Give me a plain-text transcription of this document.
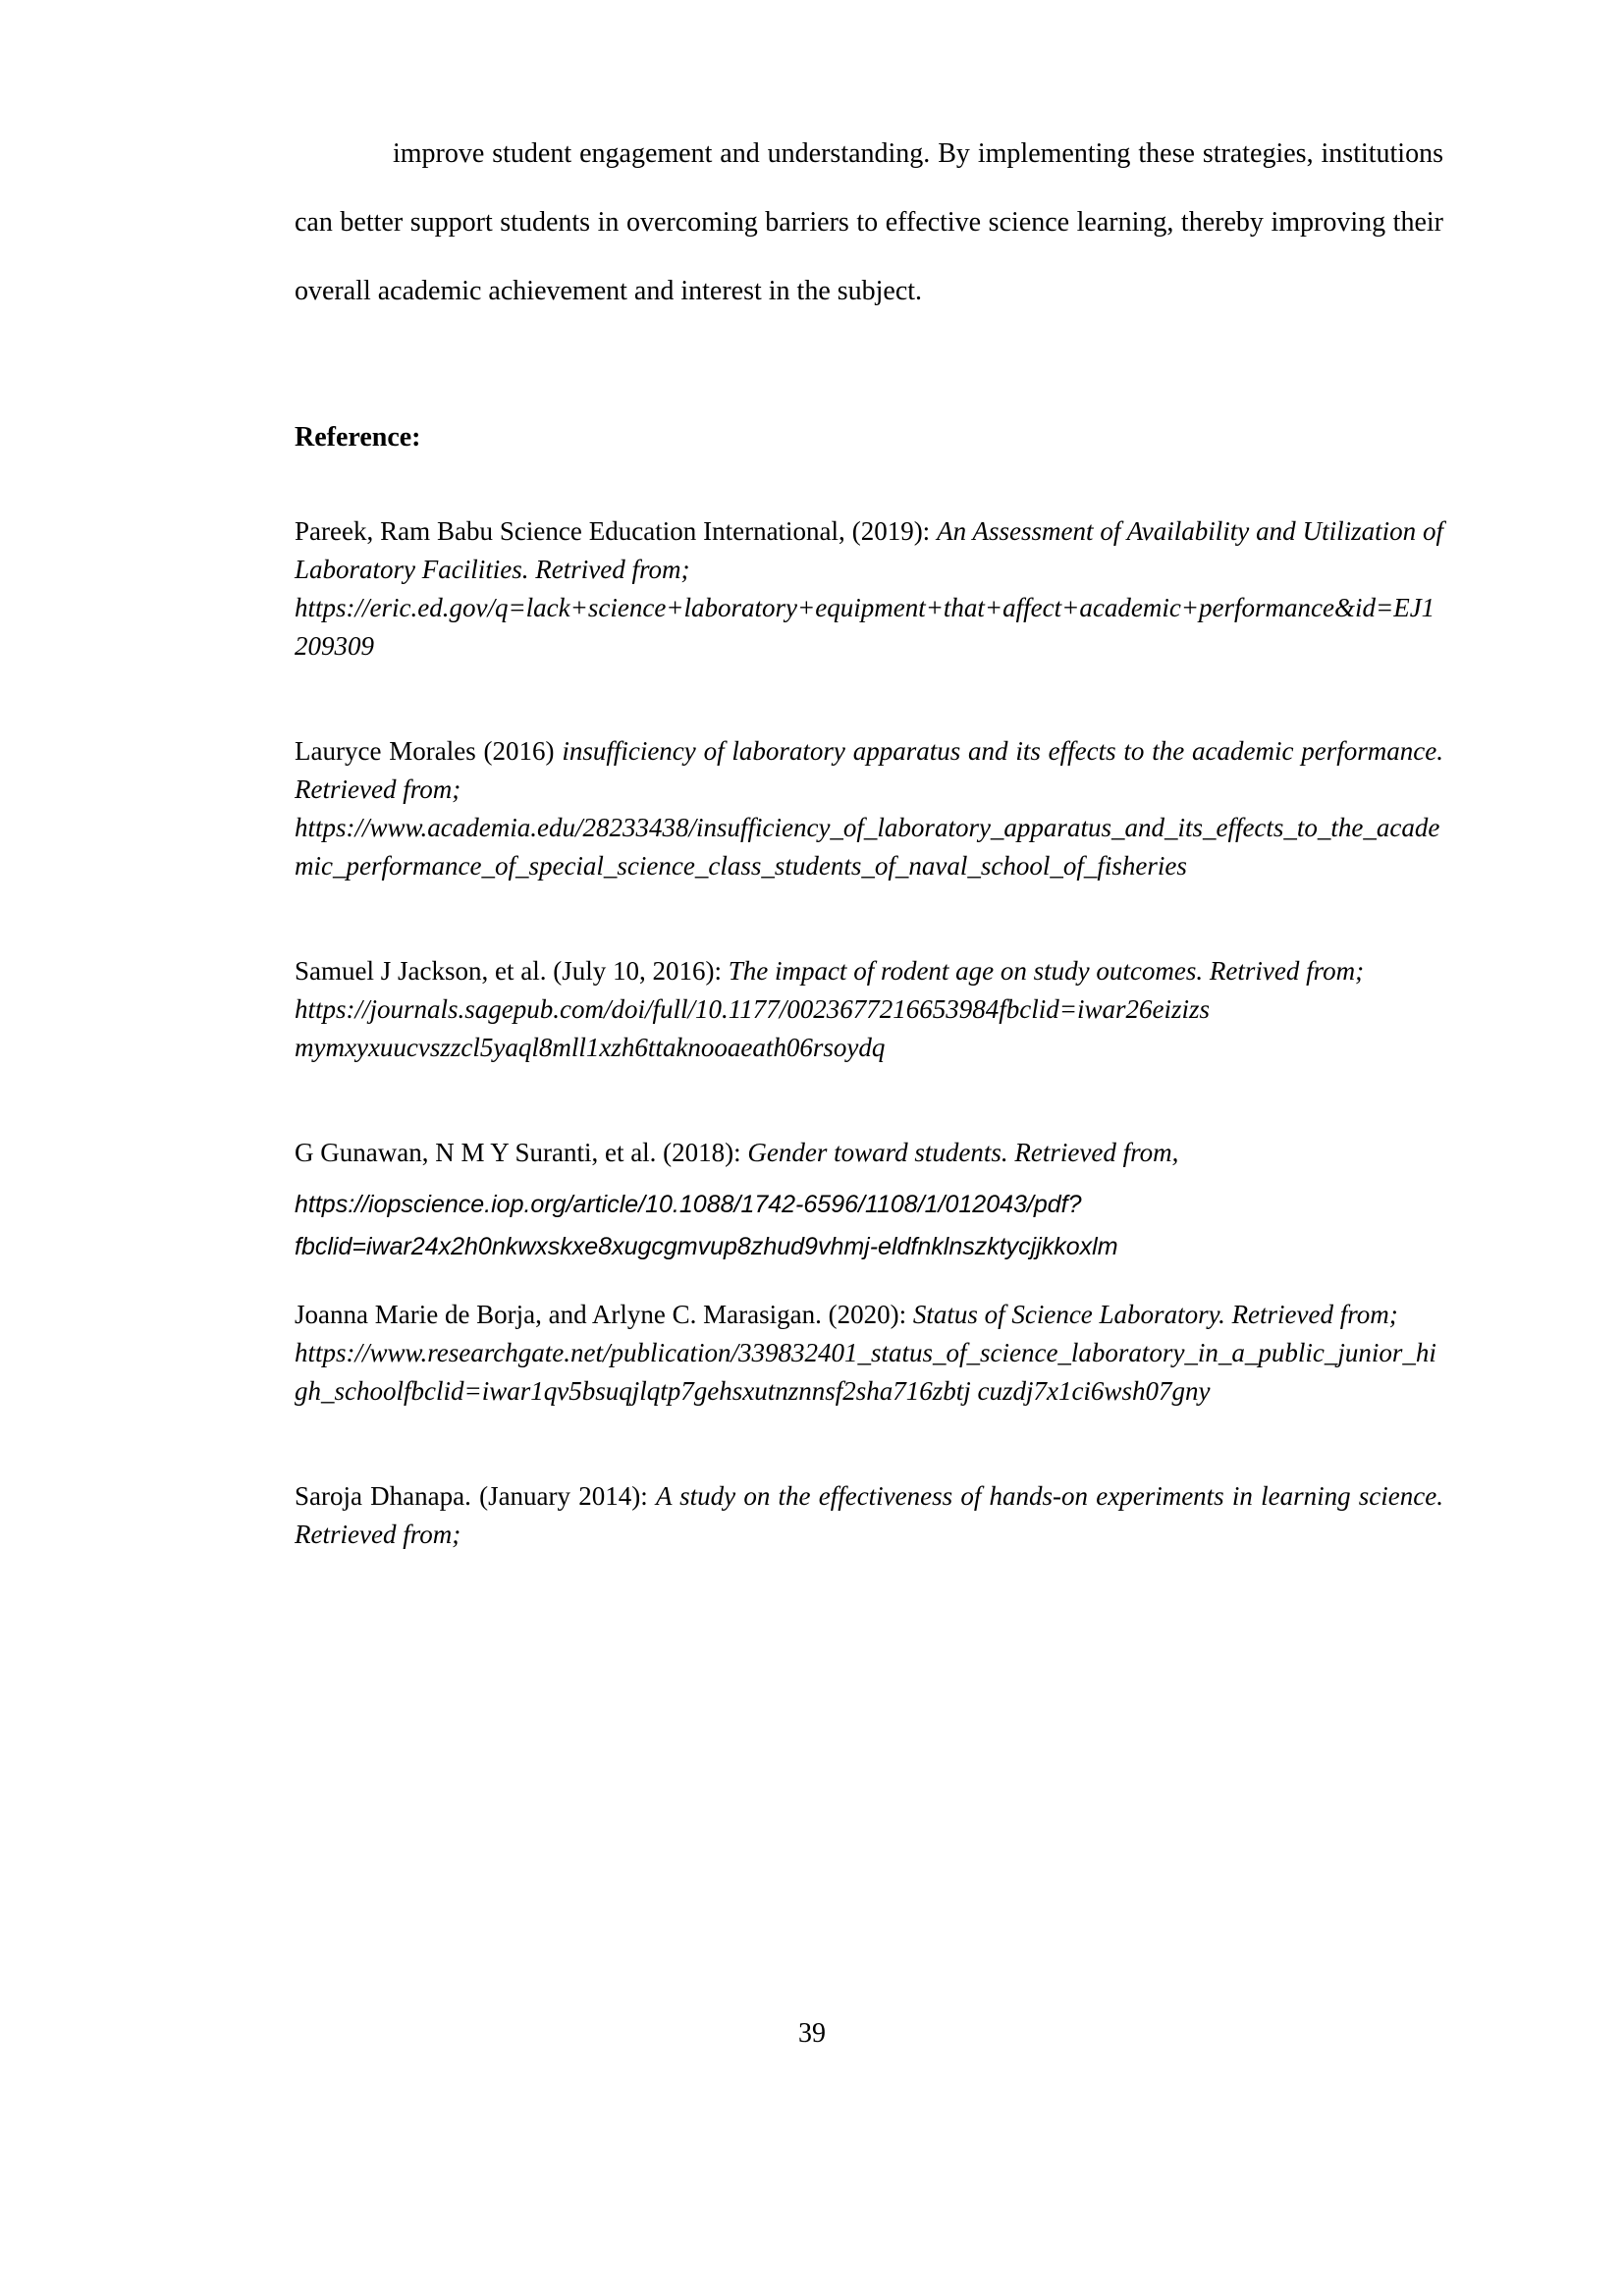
improve student engagement and understanding. By implementing these strategies, institutions can better support students in overcoming barriers to effective science learning, thereby improving their overall academic achievement and interest in the subject.

Reference:

Pareek, Ram Babu Science Education International, (2019): An Assessment of Availability and Utilization of Laboratory Facilities. Retrived from;
https://eric.ed.gov/q=lack+science+laboratory+equipment+that+affect+academic+performance&id=EJ1209309
Lauryce Morales (2016) insufficiency of laboratory apparatus and its effects to the academic performance. Retrieved from;
https://www.academia.edu/28233438/insufficiency_of_laboratory_apparatus_and_its_effects_to_the_academic_performance_of_special_science_class_students_of_naval_school_of_fisheries
Samuel J Jackson, et al. (July 10, 2016): The impact of rodent age on study outcomes. Retrived from;
https://journals.sagepub.com/doi/full/10.1177/0023677216653984fbclid=iwar26eizizs mymxyxuucvszzcl5yaql8mll1xzh6ttaknooaeath06rsoydq
G Gunawan, N M Y Suranti, et al. (2018): Gender toward students. Retrieved from,
https://iopscience.iop.org/article/10.1088/1742-6596/1108/1/012043/pdf?fbclid=iwar24x2h0nkwxskxe8xugcgmvup8zhud9vhmj-eldfnklnszktycjjkkoxlm
Joanna Marie de Borja, and Arlyne C. Marasigan. (2020): Status of Science Laboratory. Retrieved from;
https://www.researchgate.net/publication/339832401_status_of_science_laboratory_in_a_public_junior_high_schoolfbclid=iwar1qv5bsuqjlqtp7gehsxutnznnsf2sha716zbtj cuzdj7x1ci6wsh07gny
Saroja Dhanapa. (January 2014): A study on the effectiveness of hands-on experiments in learning science. Retrieved from;
39
